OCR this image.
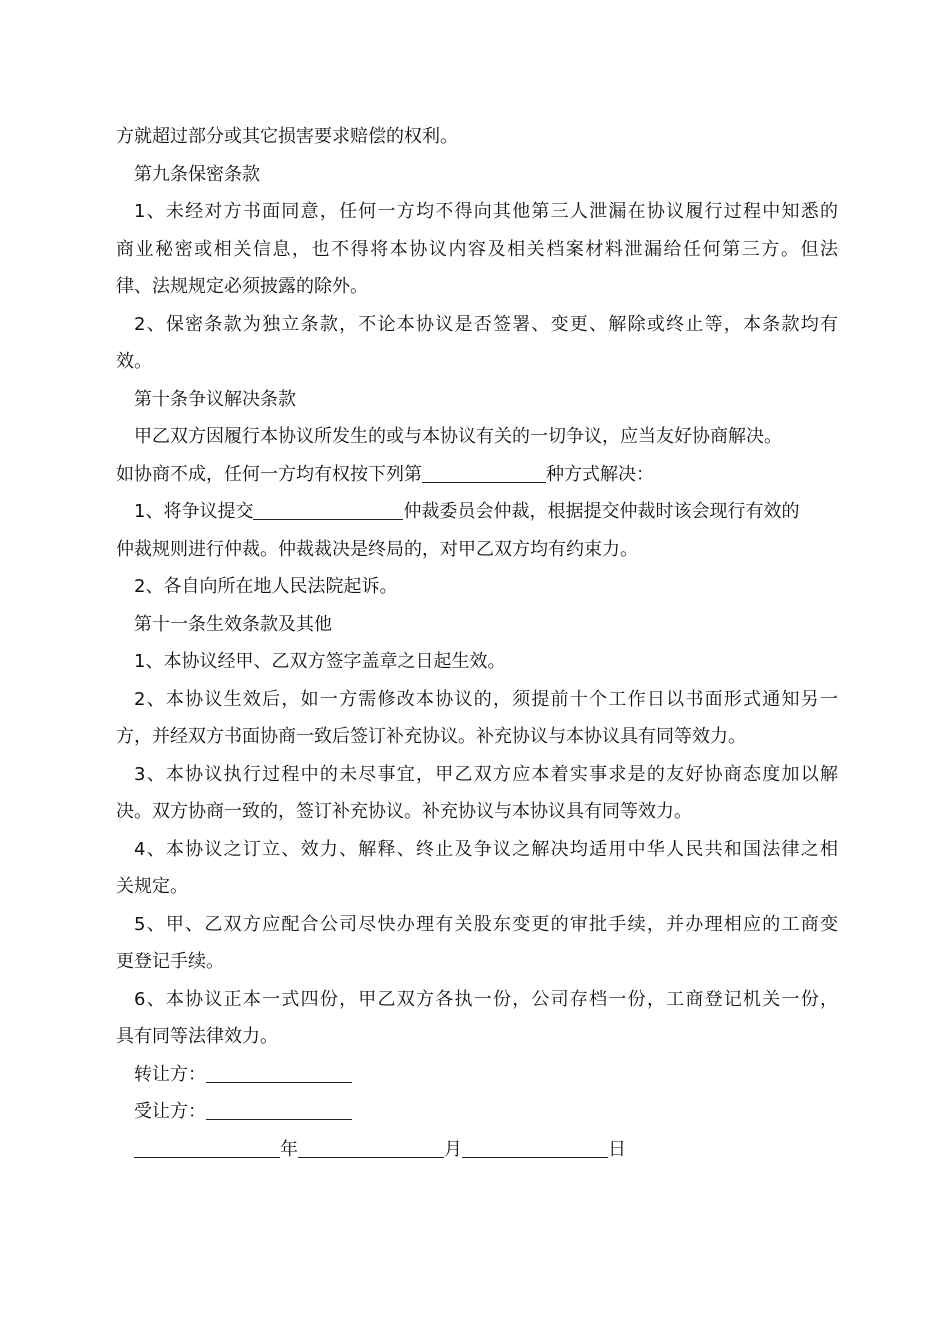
方就超过部分或其它损害要求赔偿的权利。
第九条保密条款
1、未经对方书面同意，任何一方均不得向其他第三人泄漏在协议履行过程中知悉的
商业秘密或相关信息，也不得将本协议内容及相关档案材料泄漏给任何第三方。但法
律、法规规定必须披露的除外。
2、保密条款为独立条款，不论本协议是否签署、变更、解除或终止等，本条款均有
效。
第十条争议解决条款
甲乙双方因履行本协议所发生的或与本协议有关的一切争议，应当友好协商解决。
如协商不成，任何一方均有权按下列第	种方式解决：
1、将争议提交	仲裁委员会仲裁，根据提交仲裁时该会现行有效的
仲裁规则进行仲裁。仲裁裁决是终局的，对甲乙双方均有约束力。
2、各自向所在地人民法院起诉。
第十一条生效条款及其他
1、本协议经甲、乙双方签字盖章之日起生效。
2、本协议生效后，如一方需修改本协议的，须提前十个工作日以书面形式通知另一
方，并经双方书面协商一致后签订补充协议。补充协议与本协议具有同等效力。
3、本协议执行过程中的未尽事宜，甲乙双方应本着实事求是的友好协商态度加以解
决。双方协商一致的，签订补充协议。补充协议与本协议具有同等效力。
4、本协议之订立、效力、解释、终止及争议之解决均适用中华人民共和国法律之相
关规定。
5、甲、乙双方应配合公司尽快办理有关股东变更的审批手续，并办理相应的工商变
更登记手续。
6、本协议正本一式四份，甲乙双方各执一份，公司存档一份，工商登记机关一份，
具有同等法律效力。
转让方：
受让方：
年	月	日
